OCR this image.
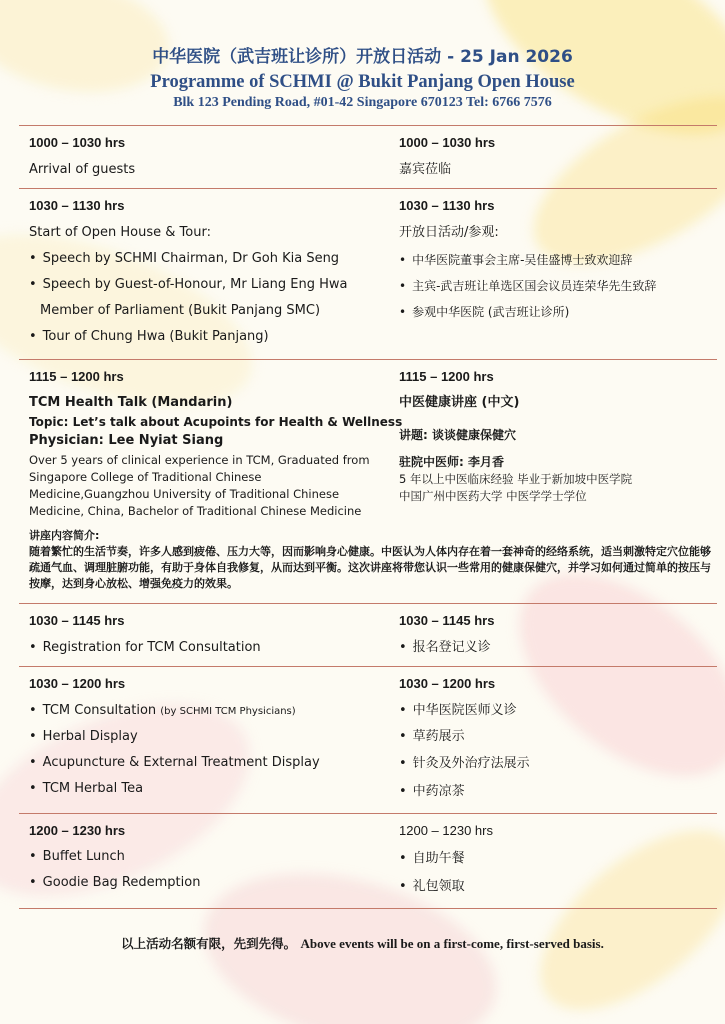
中华医院（武吉班让诊所）开放日活动 - 25 Jan 2026
Programme of SCHMI @ Bukit Panjang Open House
Blk 123 Pending Road, #01-42 Singapore 670123 Tel: 6766 7576
1000 – 1030 hrs
Arrival of guests
1000 – 1030 hrs
嘉宾莅临
1030 – 1130 hrs
Start of Open House & Tour:
• Speech by SCHMI Chairman, Dr Goh Kia Seng
• Speech by Guest-of-Honour, Mr Liang Eng Hwa
Member of Parliament (Bukit Panjang SMC)
• Tour of Chung Hwa (Bukit Panjang)
1030 – 1130 hrs
开放日活动/参观:
• 中华医院董事会主席-吴佳盛博士致欢迎辞
• 主宾-武吉班让单选区国会议员连荣华先生致辞
• 参观中华医院 (武吉班让诊所)
1115 – 1200 hrs
TCM Health Talk (Mandarin)
Topic: Let’s talk about Acupoints for Health & Wellness
Physician: Lee Nyiat Siang
Over 5 years of clinical experience in TCM, Graduated from
Singapore College of Traditional Chinese
Medicine,Guangzhou University of Traditional Chinese
Medicine, China, Bachelor of Traditional Chinese Medicine
1115 – 1200 hrs
中医健康讲座 (中文)
讲题: 谈谈健康保健穴
驻院中医师: 李月香
5 年以上中医临床经验 毕业于新加坡中医学院
中国广州中医药大学 中医学学士学位
讲座内容简介:
随着繁忙的生活节奏，许多人感到疲倦、压力大等，因而影响身心健康。中医认为人体内存在着一套神奇的经络系统，适当刺激特定穴位能够疏通气血、调理脏腑功能，有助于身体自我修复，从而达到平衡。这次讲座将带您认识一些常用的健康保健穴，并学习如何通过简单的按压与按摩，达到身心放松、增强免疫力的效果。
1030 – 1145 hrs
• Registration for TCM Consultation
1030 – 1145 hrs
• 报名登记义诊
1030 – 1200 hrs
• TCM Consultation (by SCHMI TCM Physicians)
• Herbal Display
• Acupuncture & External Treatment Display
• TCM Herbal Tea
1030 – 1200 hrs
• 中华医院医师义诊
• 草药展示
• 针灸及外治疗法展示
• 中药凉茶
1200 – 1230 hrs
• Buffet Lunch
• Goodie Bag Redemption
1200 – 1230 hrs
• 自助午餐
• 礼包领取
以上活动名额有限，先到先得。 Above events will be on a first-come, first-served basis.
